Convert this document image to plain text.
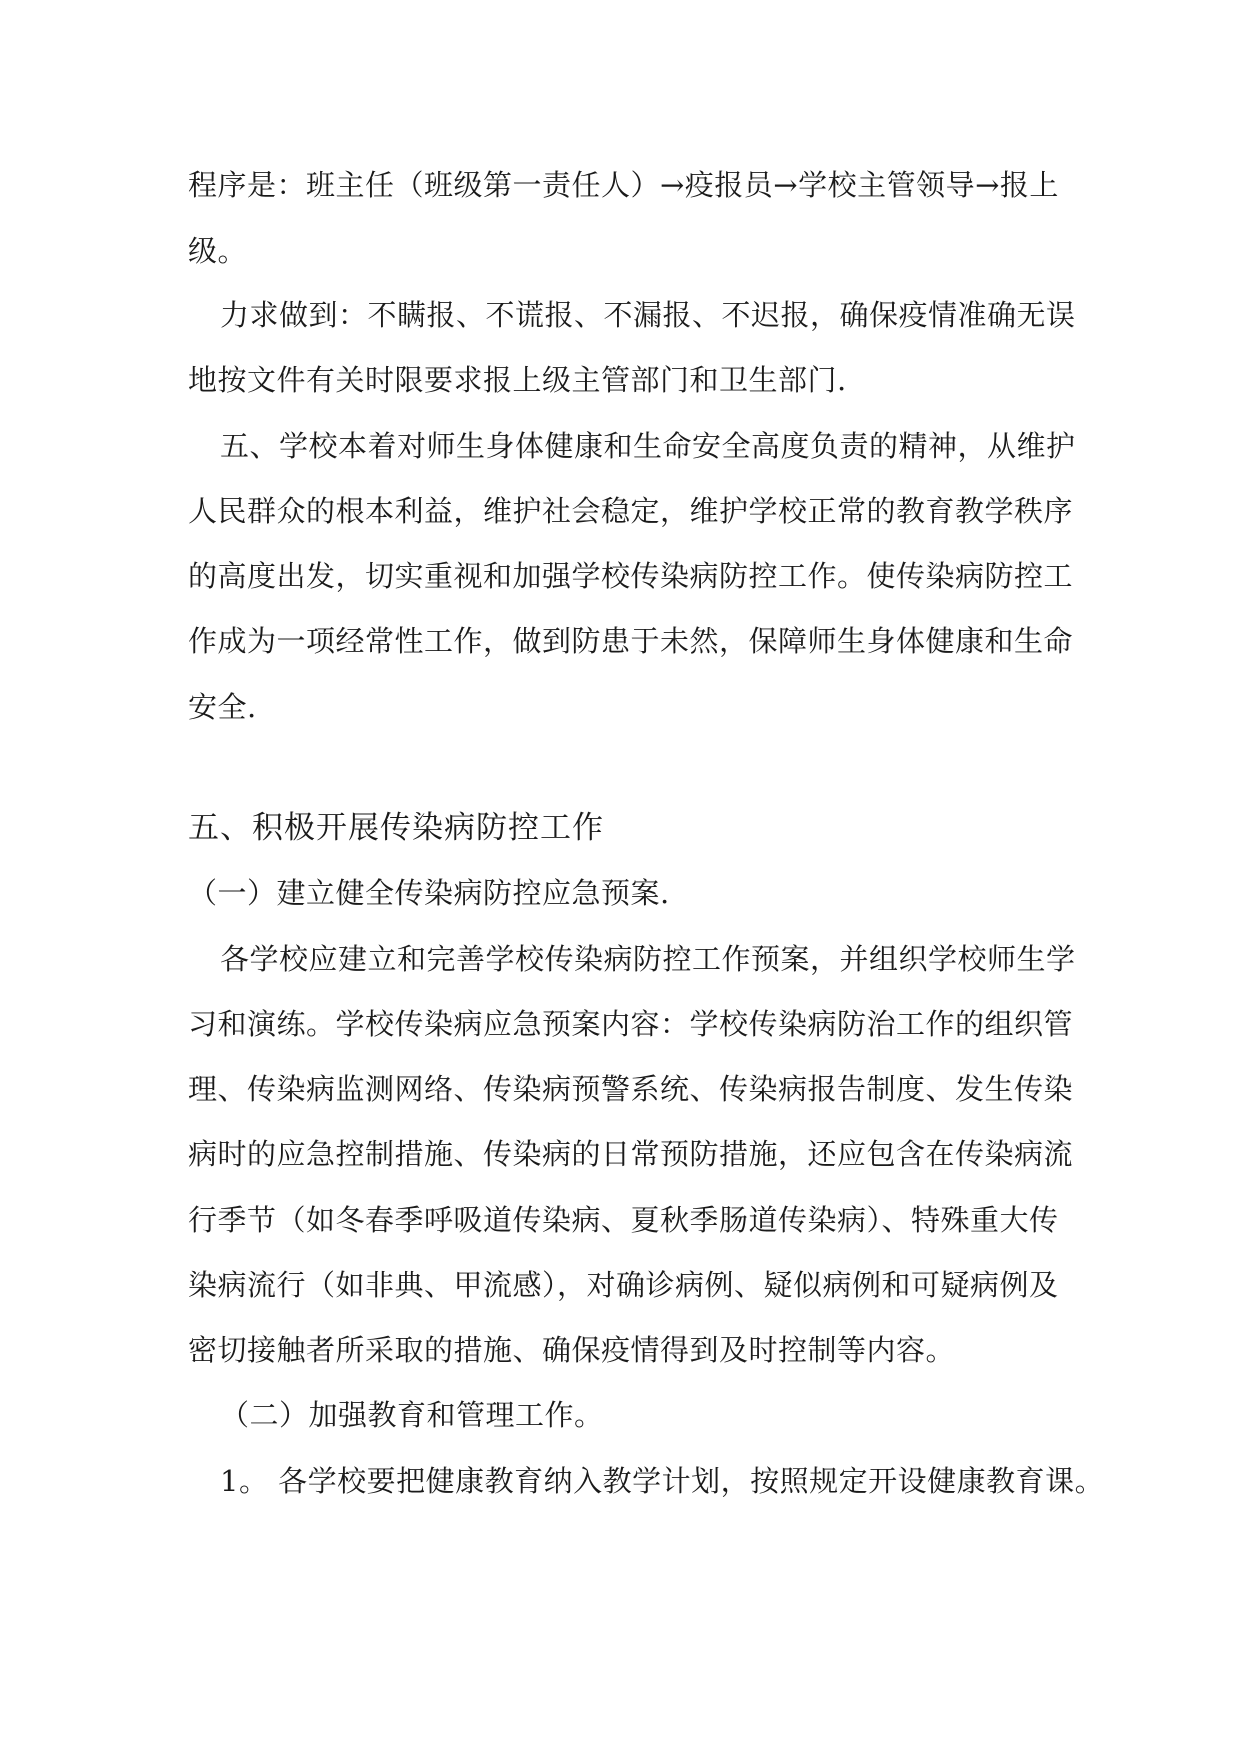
程序是：班主任（班级第一责任人）→疫报员→学校主管领导→报上
级。
力求做到：不瞒报、不谎报、不漏报、不迟报，确保疫情准确无误
地按文件有关时限要求报上级主管部门和卫生部门.
五、学校本着对师生身体健康和生命安全高度负责的精神，从维护
人民群众的根本利益，维护社会稳定，维护学校正常的教育教学秩序
的高度出发，切实重视和加强学校传染病防控工作。使传染病防控工
作成为一项经常性工作，做到防患于未然，保障师生身体健康和生命
安全.
五、积极开展传染病防控工作
（一）建立健全传染病防控应急预案.
各学校应建立和完善学校传染病防控工作预案，并组织学校师生学
习和演练。学校传染病应急预案内容：学校传染病防治工作的组织管
理、传染病监测网络、传染病预警系统、传染病报告制度、发生传染
病时的应急控制措施、传染病的日常预防措施，还应包含在传染病流
行季节（如冬春季呼吸道传染病、夏秋季肠道传染病）、特殊重大传
染病流行（如非典、甲流感），对确诊病例、疑似病例和可疑病例及
密切接触者所采取的措施、确保疫情得到及时控制等内容。
（二）加强教育和管理工作。
1。 各学校要把健康教育纳入教学计划，按照规定开设健康教育课。
